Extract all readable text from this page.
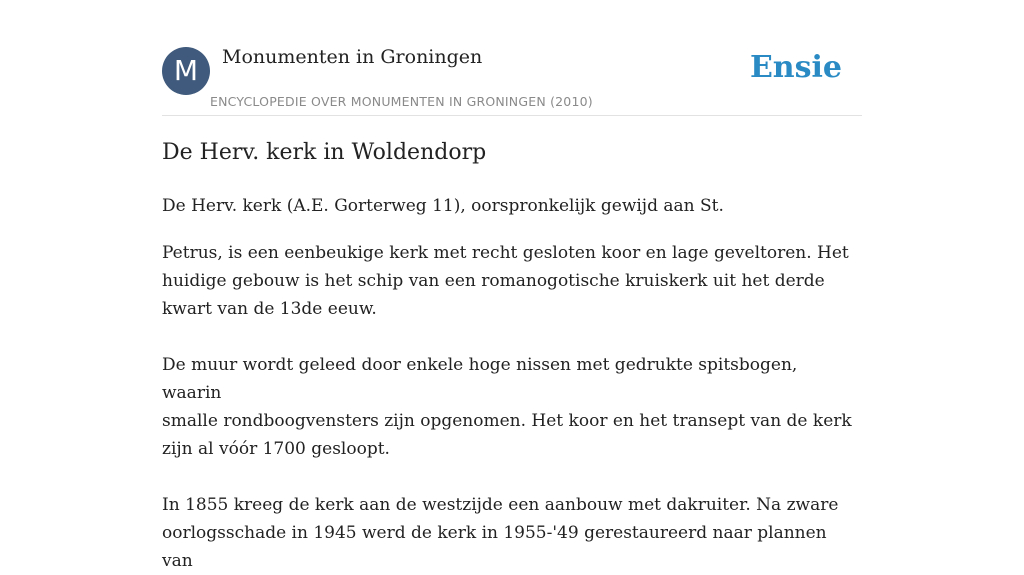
M	Monumenten in Groningen
ENCYCLOPEDIE OVER MONUMENTEN IN GRONINGEN (2010)
Ensie
De Herv. kerk in Woldendorp

De Herv. kerk (A.E. Gorterweg 11), oorspronkelijk gewijd aan St.

Petrus, is een eenbeukige kerk met recht gesloten koor en lage geveltoren. Het
huidige gebouw is het schip van een romanogotische kruiskerk uit het derde
kwart van de 13de eeuw.

De muur wordt geleed door enkele hoge nissen met gedrukte spitsbogen, waarin
smalle rondboogvensters zijn opgenomen. Het koor en het transept van de kerk
zijn al vóór 1700 gesloopt.

In 1855 kreeg de kerk aan de westzijde een aanbouw met dakruiter. Na zware
oorlogsschade in 1945 werd de kerk in 1955-'49 gerestaureerd naar plannen van
